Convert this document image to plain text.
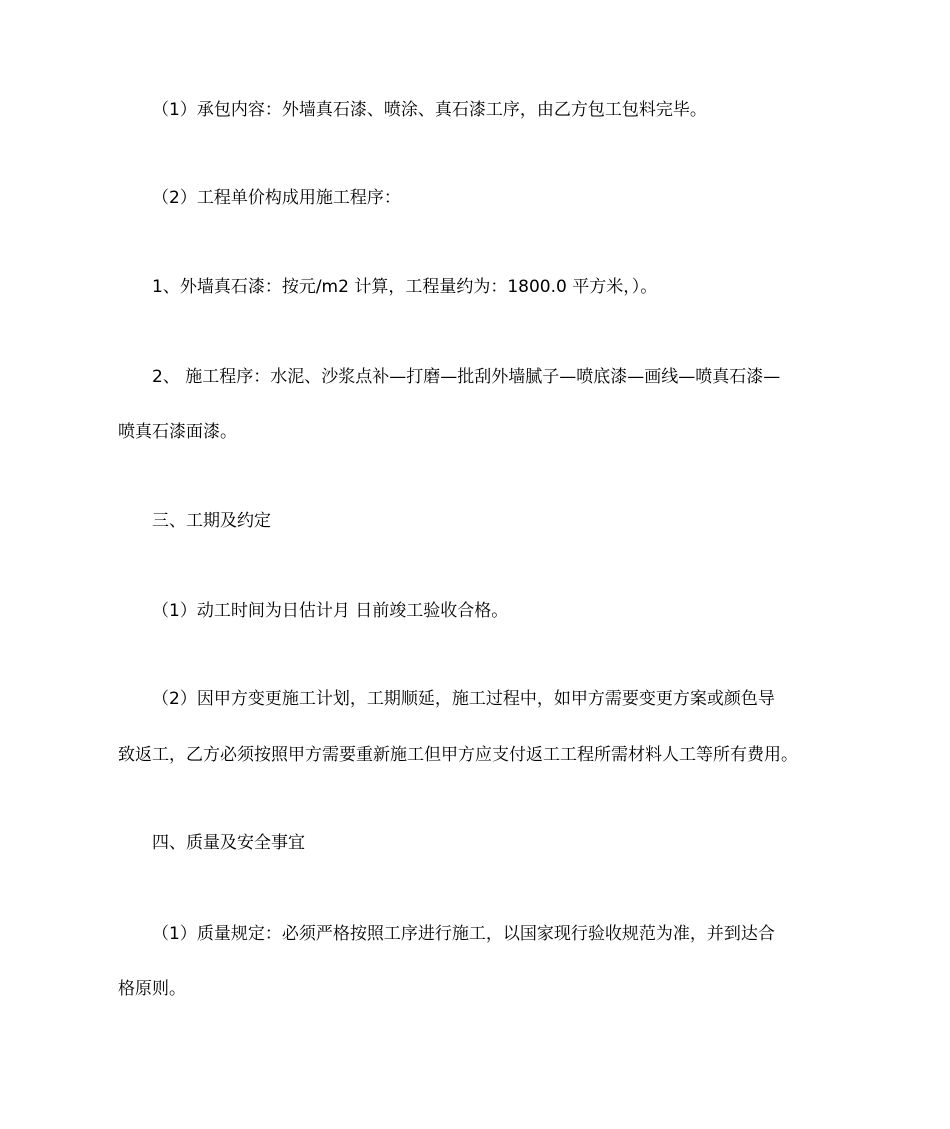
（1）承包内容：外墙真石漆、喷涂、真石漆工序，由乙方包工包料完毕。
（2）工程单价构成用施工程序：
1、外墙真石漆：按元/m2 计算，工程量约为：1800.0 平方米，）。
2、 施工程序：水泥、沙浆点补—打磨—批刮外墙腻子—喷底漆—画线—喷真石漆—
喷真石漆面漆。
三、工期及约定
（1）动工时间为日估计月 日前竣工验收合格。
（2）因甲方变更施工计划，工期顺延，施工过程中，如甲方需要变更方案或颜色导
致返工，乙方必须按照甲方需要重新施工但甲方应支付返工工程所需材料人工等所有费用。
四、质量及安全事宜
（1）质量规定：必须严格按照工序进行施工，以国家现行验收规范为准，并到达合
格原则。
